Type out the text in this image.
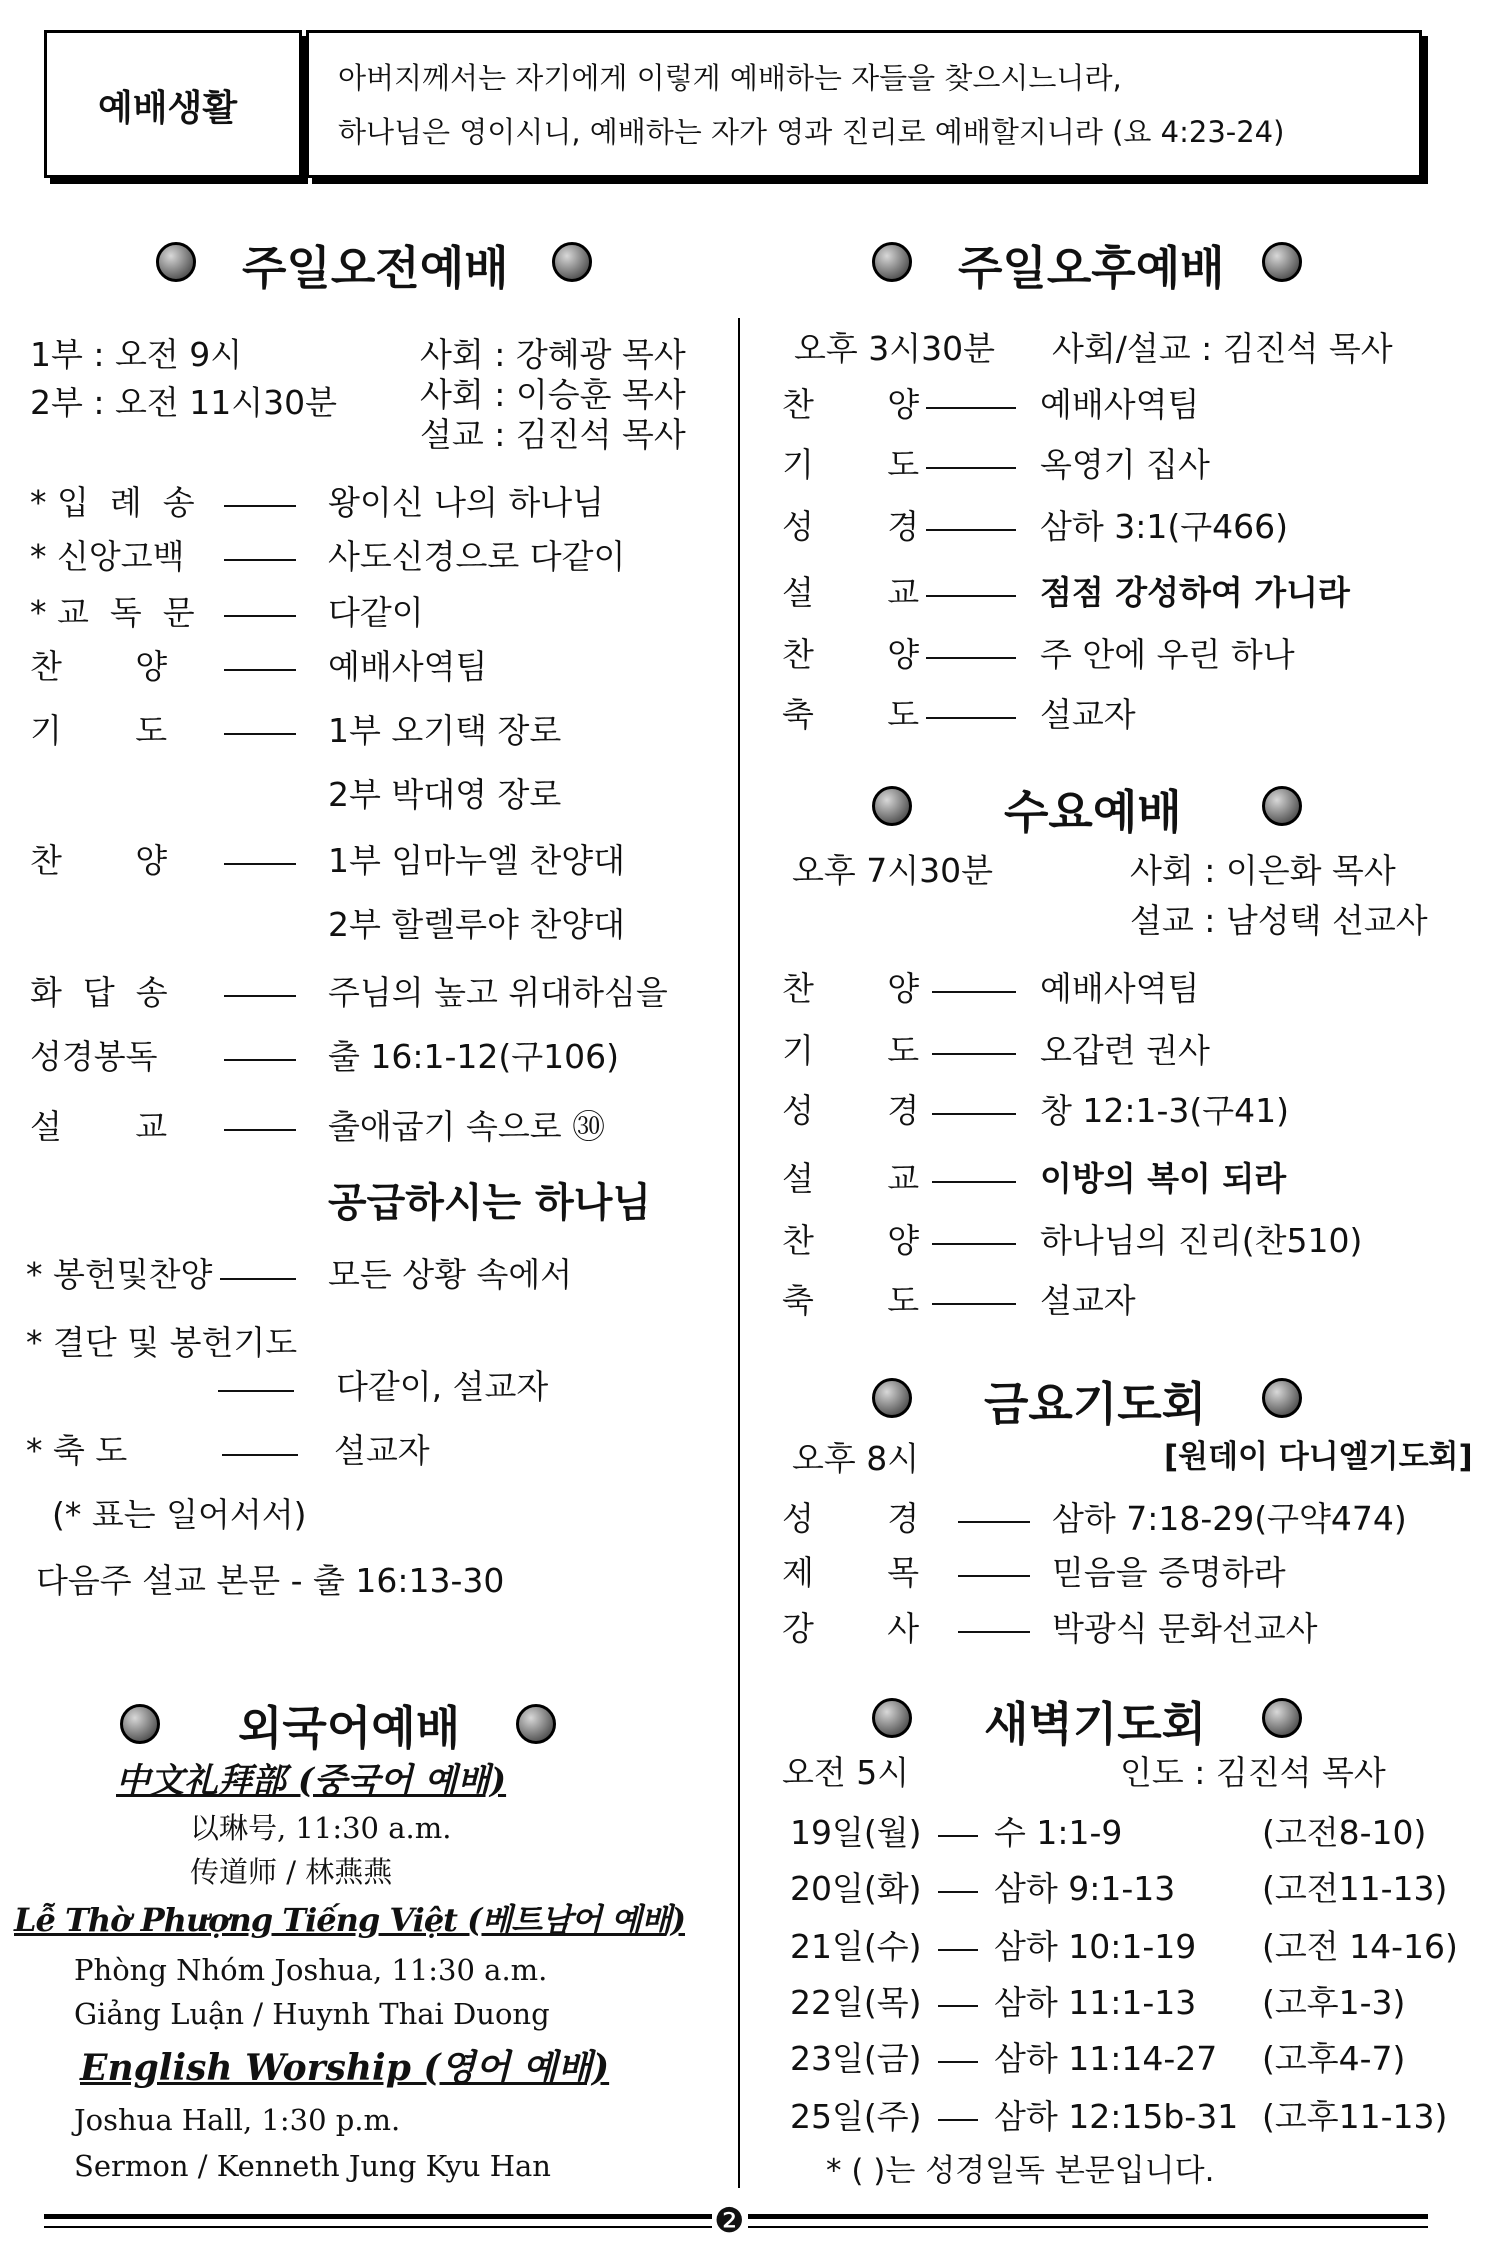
예배생활
아버지께서는 자기에게 이렇게 예배하는 자들을 찾으시느니라,
하나님은 영이시니, 예배하는 자가 영과 진리로 예배할지니라 (요 4:23-24)
주일오전예배
1부 : 오전 9시
2부 : 오전 11시30분
사회 : 강혜광 목사
사회 : 이승훈 목사
설교 : 김진석 목사
* 입  례  송	왕이신 나의 하나님
* 신앙고백	사도신경으로 다같이
* 교  독  문	다같이
찬       양	예배사역팀
기       도	1부 오기택 장로
2부 박대영 장로
찬       양	1부 임마누엘 찬양대
2부 할렐루야 찬양대
화  답  송	주님의 높고 위대하심을
성경봉독	출 16:1-12(구106)
설       교	출애굽기 속으로 ㉚
공급하시는 하나님
* 봉헌및찬양	모든 상황 속에서
* 결단 및 봉헌기도
다같이, 설교자
* 축 도	설교자
(* 표는 일어서서)
다음주 설교 본문 - 출 16:13-30
외국어예배
中文礼拜部 (중국어 예배)
以琳号, 11:30 a.m.
传道师 / 林燕燕
Lễ Thờ Phượng Tiếng Việt (베트남어 예배)
Phòng Nhóm Joshua, 11:30 a.m.
Giảng Luận / Huynh Thai Duong
English Worship (영어 예배)
Joshua Hall, 1:30 p.m.
Sermon / Kenneth Jung Kyu Han
주일오후예배
오후 3시30분 사회/설교 : 김진석 목사
찬       양	예배사역팀
기       도	옥영기 집사
성       경	삼하 3:1(구466)
설       교	점점 강성하여 가니라
찬       양	주 안에 우린 하나
축       도	설교자
수요예배
오후 7시30분	사회 : 이은화 목사
설교 : 남성택 선교사
찬       양	예배사역팀
기       도	오갑련 권사
성       경	창 12:1-3(구41)
설       교	이방의 복이 되라
찬       양	하나님의 진리(찬510)
축       도	설교자
금요기도회
오후 8시	[원데이 다니엘기도회]
성       경	삼하 7:18-29(구약474)
제       목	믿음을 증명하라
강       사	박광식 문화선교사
새벽기도회
오전 5시	인도 : 김진석 목사
19일(월) 수 1:1-9	(고전8-10)
20일(화) 삼하 9:1-13	(고전11-13)
21일(수) 삼하 10:1-19 (고전 14-16)
22일(목) 삼하 11:1-13 (고후1-3)
23일(금) 삼하 11:14-27 (고후4-7)
25일(주) 삼하 12:15b-31 (고후11-13)
* ( )는 성경일독 본문입니다.
❷
